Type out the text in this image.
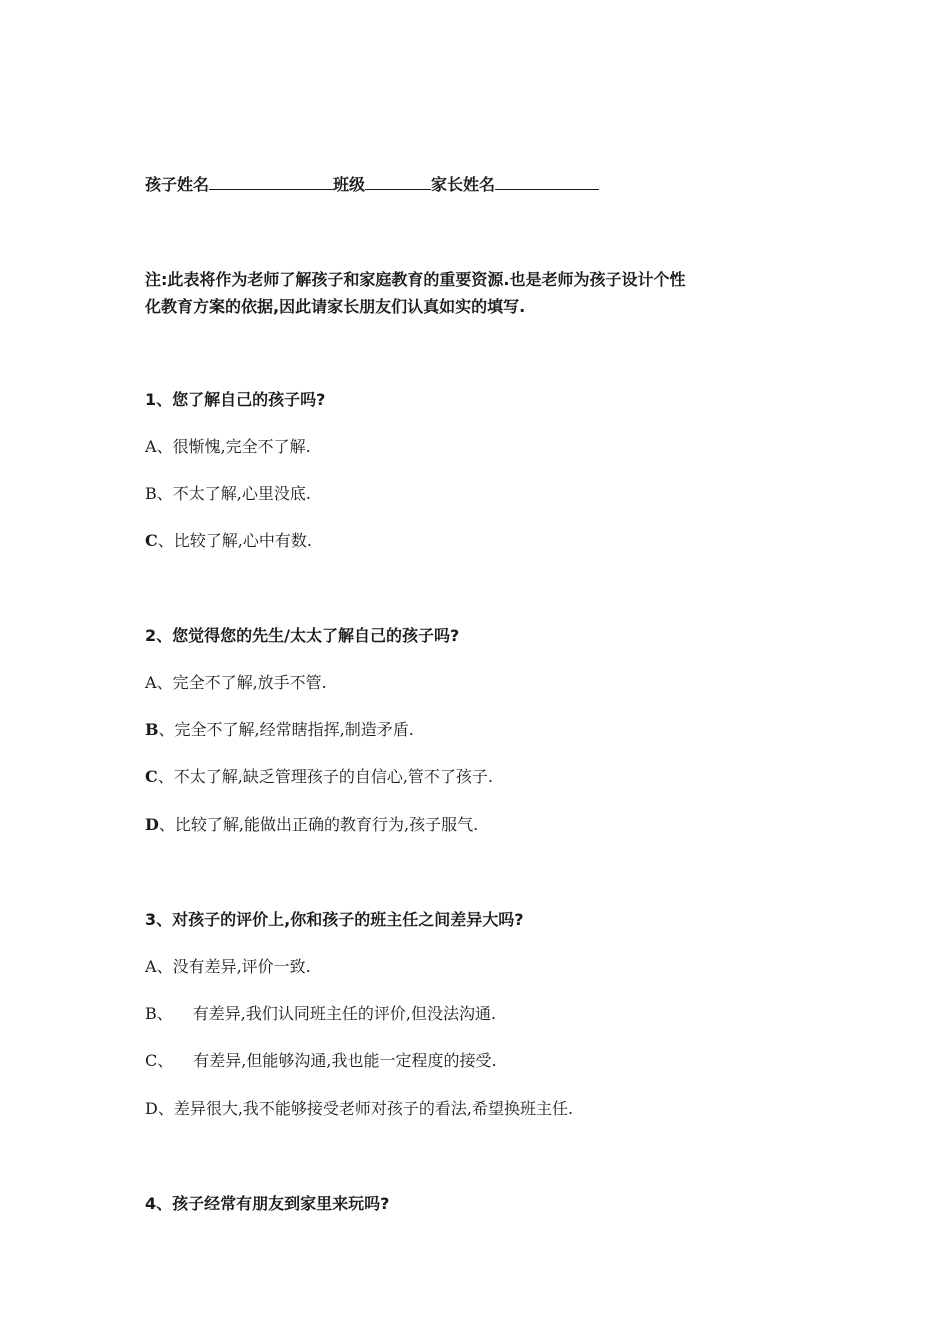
孩子姓名	班级	家长姓名
注:此表将作为老师了解孩子和家庭教育的重要资源.也是老师为孩子设计个性
化教育方案的依据,因此请家长朋友们认真如实的填写.
1、您了解自己的孩子吗?
A、很惭愧,完全不了解.
B、不太了解,心里没底.
C、比较了解,心中有数.
2、您觉得您的先生/太太了解自己的孩子吗?
A、完全不了解,放手不管.
B、完全不了解,经常瞎指挥,制造矛盾.
C、不太了解,缺乏管理孩子的自信心,管不了孩子.
D、比较了解,能做出正确的教育行为,孩子服气.
3、对孩子的评价上,你和孩子的班主任之间差异大吗?
A、没有差异,评价一致.
B、 有差异,我们认同班主任的评价,但没法沟通.
C、 有差异,但能够沟通,我也能一定程度的接受.
D、差异很大,我不能够接受老师对孩子的看法,希望换班主任.
4、孩子经常有朋友到家里来玩吗?
